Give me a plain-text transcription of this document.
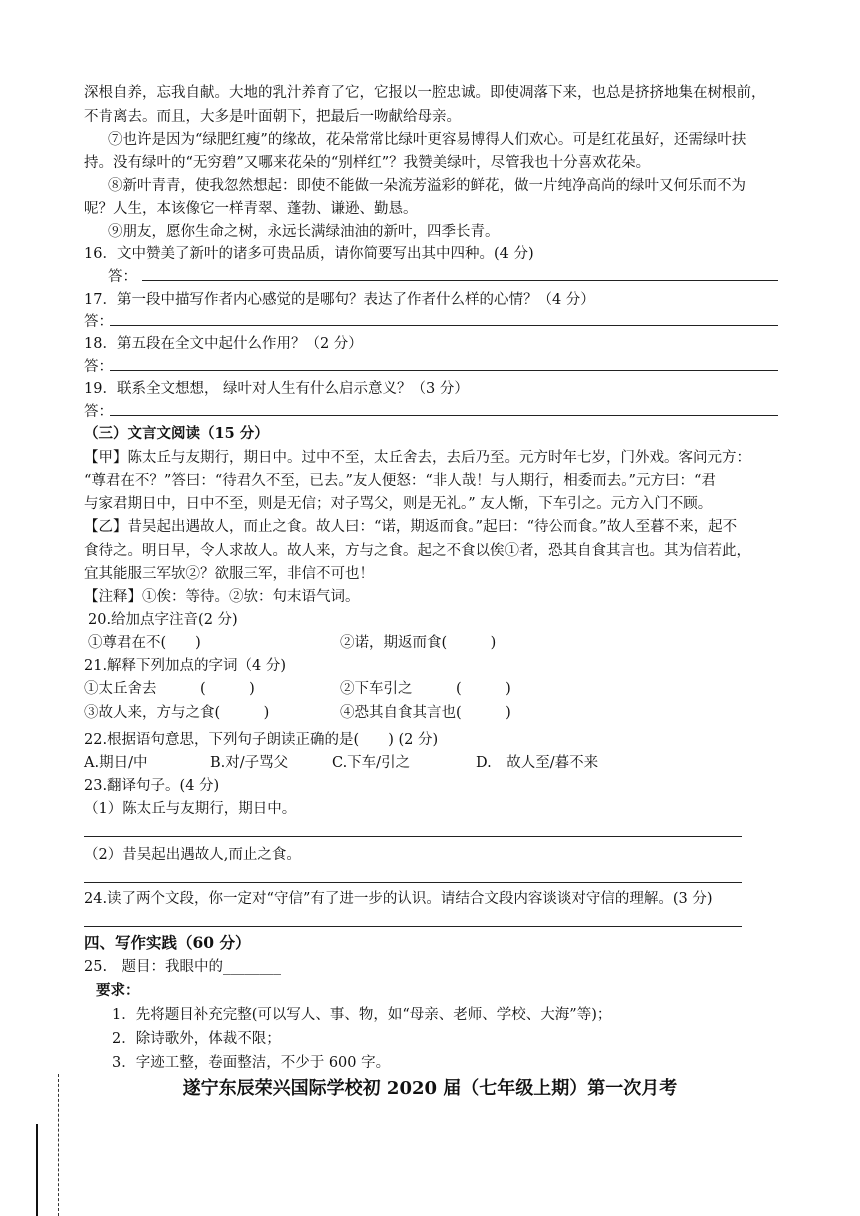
深根自养，忘我自献。大地的乳汁养育了它，它报以一腔忠诚。即使凋落下来，也总是挤挤地集在树根前，
不肯离去。而且，大多是叶面朝下，把最后一吻献给母亲。
⑦也许是因为“绿肥红瘦”的缘故，花朵常常比绿叶更容易博得人们欢心。可是红花虽好，还需绿叶扶
持。没有绿叶的“无穷碧”又哪来花朵的“别样红”？我赞美绿叶，尽管我也十分喜欢花朵。
⑧新叶青青，使我忽然想起：即使不能做一朵流芳溢彩的鲜花，做一片纯净高尚的绿叶又何乐而不为
呢？人生，本该像它一样青翠、蓬勃、谦逊、勤恳。
⑨朋友，愿你生命之树，永远长满绿油油的新叶，四季长青。
16．文中赞美了新叶的诸多可贵品质，请你简要写出其中四种。(4 分)
答：
17．第一段中描写作者内心感觉的是哪句？表达了作者什么样的心情？（4 分）
答：
18．第五段在全文中起什么作用？（2 分）
答：
19．联系全文想想， 绿叶对人生有什么启示意义？（3 分）
答：
（三）文言文阅读（15 分）
【甲】陈太丘与友期行，期日中。过中不至，太丘舍去，去后乃至。元方时年七岁，门外戏。客问元方：
“尊君在不？”答曰：“待君久不至，已去。”友人便怒：“非人哉！与人期行，相委而去。”元方曰：“君
与家君期日中，日中不至，则是无信；对子骂父，则是无礼。” 友人惭，下车引之。元方入门不顾。
【乙】昔吴起出遇故人，而止之食。故人曰：“诺，期返而食。”起曰：“待公而食。”故人至暮不来，起不
食待之。明日早，令人求故人。故人来，方与之食。起之不食以俟①者，恐其自食其言也。其为信若此，
宜其能服三军欤②？欲服三军，非信不可也！
【注释】①俟：等待。②欤：句末语气词。
20.给加点字注音(2 分)
①尊君在不(　　)	②诺，期返而食(　　　)
21.解释下列加点的字词（4 分)
①太丘舍去　　　(　　　)	②下车引之　　　(　　　)
③故人来，方与之食(　　　)	④恐其自食其言也(　　　)
22.根据语句意思，下列句子朗读正确的是(　　) (2 分)
A.期日/中	B.对/子骂父	C.下车/引之	D.　故人至/暮不来
23.翻译句子。(4 分)
（1）陈太丘与友期行，期日中。
（2）昔吴起出遇故人,而止之食。
24.读了两个文段，你一定对“守信”有了进一步的认识。请结合文段内容谈谈对守信的理解。(3 分)
四、写作实践（60 分）
25.　题目：我眼中的________
要求：
1．先将题目补充完整(可以写人、事、物，如“母亲、老师、学校、大海”等)；
2．除诗歌外，体裁不限；
3．字迹工整，卷面整洁，不少于 600 字。
遂宁东辰荣兴国际学校初 2020 届（七年级上期）第一次月考
